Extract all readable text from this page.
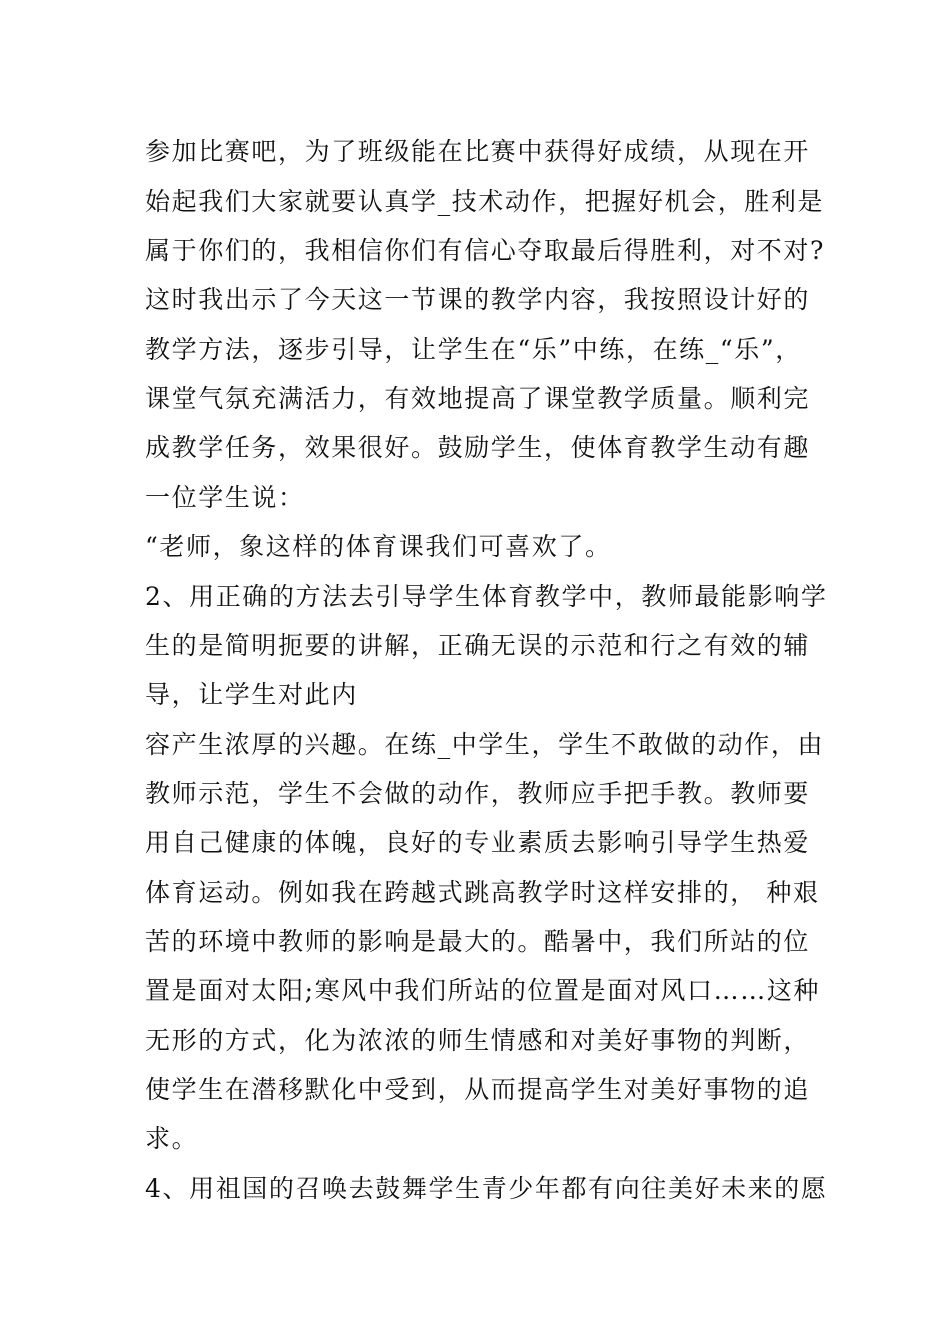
参加比赛吧，为了班级能在比赛中获得好成绩，从现在开
始起我们大家就要认真学_技术动作，把握好机会，胜利是
属于你们的，我相信你们有信心夺取最后得胜利，对不对?
这时我出示了今天这一节课的教学内容，我按照设计好的
教学方法，逐步引导，让学生在“乐”中练，在练_“乐”，
课堂气氛充满活力，有效地提高了课堂教学质量。顺利完
成教学任务，效果很好。鼓励学生，使体育教学生动有趣
一位学生说：
“老师，象这样的体育课我们可喜欢了。
2、用正确的方法去引导学生体育教学中，教师最能影响学
生的是简明扼要的讲解，正确无误的示范和行之有效的辅
导，让学生对此内
容产生浓厚的兴趣。在练_中学生，学生不敢做的动作，由
教师示范，学生不会做的动作，教师应手把手教。教师要
用自己健康的体魄，良好的专业素质去影响引导学生热爱
体育运动。例如我在跨越式跳高教学时这样安排的， 种艰
苦的环境中教师的影响是最大的。酷暑中，我们所站的位
置是面对太阳;寒风中我们所站的位置是面对风口……这种
无形的方式，化为浓浓的师生情感和对美好事物的判断，
使学生在潜移默化中受到，从而提高学生对美好事物的追
求。
4、用祖国的召唤去鼓舞学生青少年都有向往美好未来的愿
